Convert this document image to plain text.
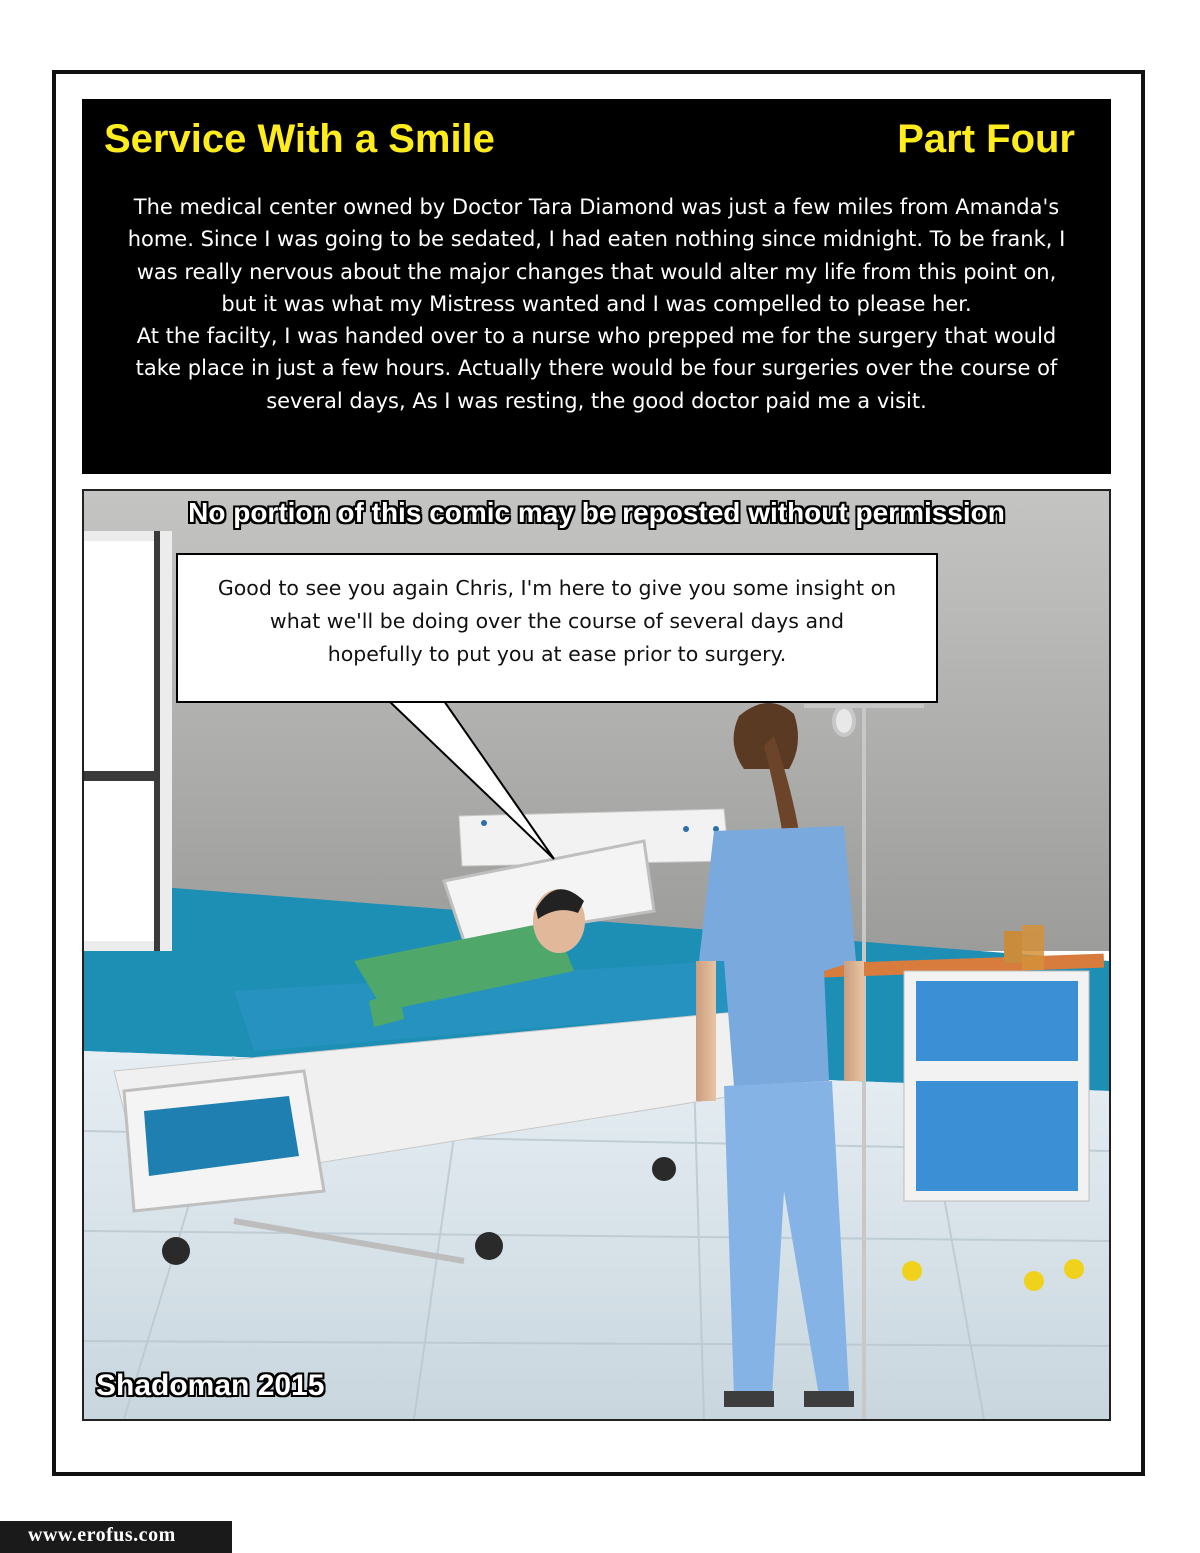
Service With a Smile	Part Four

The medical center owned by Doctor Tara Diamond was just a few miles from Amanda's

home. Since I was going to be sedated, I had eaten nothing since midnight. To be frank, I

was really nervous about the major changes that would alter my life from this point on,

but it was what my Mistress wanted and I was compelled to please her.

At the facilty, I was handed over to a nurse who prepped me for the surgery that would

take place in just a few hours. Actually there would be four surgeries over the course of

several days, As I was resting, the good doctor paid me a visit.

No portion of this comic may be reposted without permission

Good to see you again Chris, I'm here to give you some insight on

what we'll be doing over the course of several days and

hopefully to put you at ease prior to surgery.

Shadoman 2015
www.erofus.com
